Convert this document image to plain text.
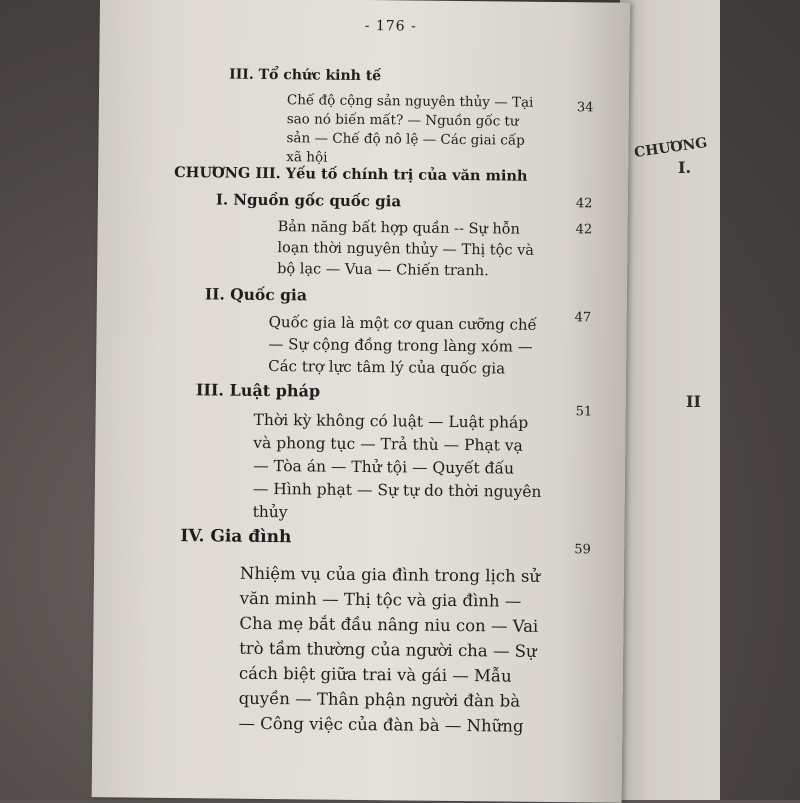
CHƯƠNG
I.
II
- 176 -
III. Tổ chức kinh tế
34
Chế độ cộng sản nguyên thủy — Tại
sao nó biến mất? — Nguồn gốc tư
sản — Chế độ nô lệ — Các giai cấp
xã hội
CHƯƠNG III. Yếu tố chính trị của văn minh
I. Nguồn gốc quốc gia	42
42
Bản năng bất hợp quần -- Sự hỗn
loạn thời nguyên thủy — Thị tộc và
bộ lạc — Vua — Chiến tranh.
II. Quốc gia
47
Quốc gia là một cơ quan cưỡng chế
— Sự cộng đồng trong làng xóm —
Các trợ lực tâm lý của quốc gia
III. Luật pháp
51
Thời kỳ không có luật — Luật pháp
và phong tục — Trả thù — Phạt vạ
— Tòa án — Thử tội — Quyết đấu
— Hình phạt — Sự tự do thời nguyên
thủy
IV. Gia đình
59
Nhiệm vụ của gia đình trong lịch sử
văn minh — Thị tộc và gia đình —
Cha mẹ bắt đầu nâng niu con — Vai
trò tầm thường của người cha — Sự
cách biệt giữa trai và gái — Mẫu
quyền — Thân phận người đàn bà
— Công việc của đàn bà — Những
